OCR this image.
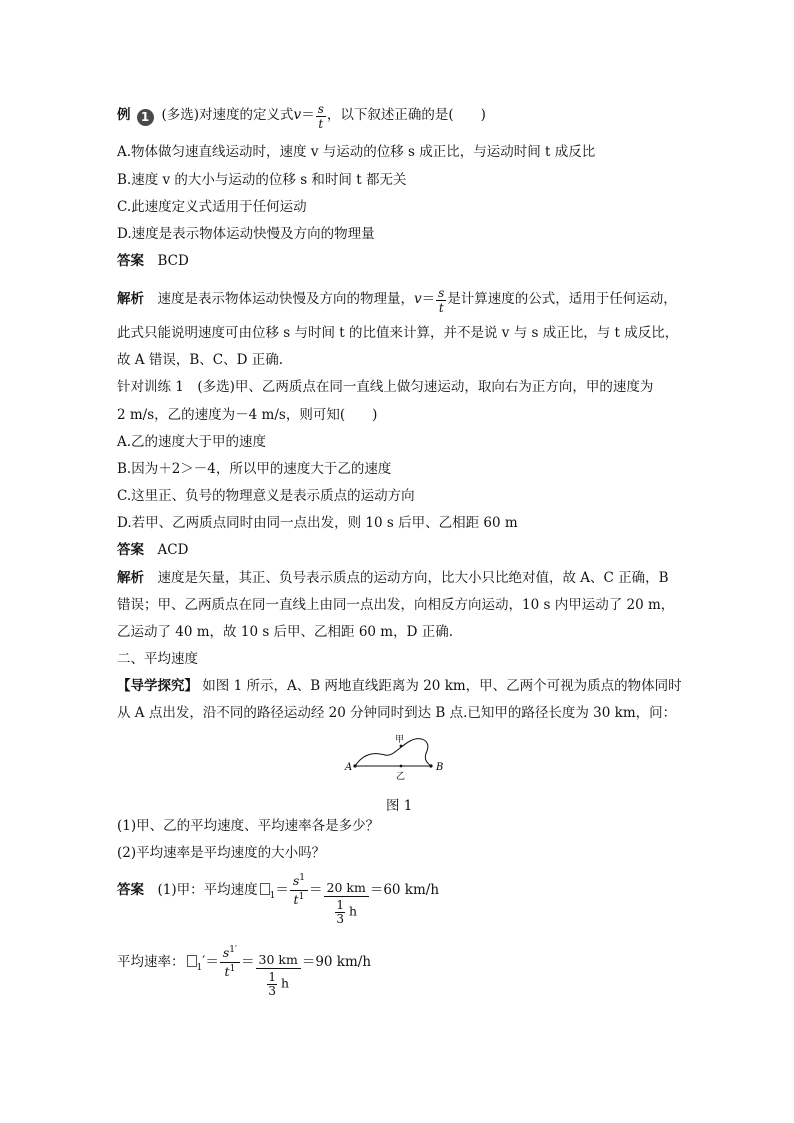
例 1 (多选)对速度的定义式$v= \frac{s}{t}$ ，以下叙述正确的是(　　)
A.物体做匀速直线运动时，速度 v 与运动的位移 s 成正比，与运动时间 t 成反比
B.速度 v 的大小与运动的位移 s 和时间 t 都无关
C.此速度定义式适用于任何运动
D.速度是表示物体运动快慢及方向的物理量
答案　 BCD
解析　 速度是表示物体运动快慢及方向的物理量，$v= \frac{s}{t}$ 是计算速度的公式，适用于任何运动，
此式只能说明速度可由位移 s 与时间 t 的比值来计算，并不是说 v 与 s 成正比，与 t 成反比，
故 A 错误，B、C、D 正确.
针对训练 1　(多选)甲、乙两质点在同一直线上做匀速运动，取向右为正方向，甲的速度为
2 m/s，乙的速度为－4 m/s，则可知(　　)
A.乙的速度大于甲的速度
B.因为＋2＞－4，所以甲的速度大于乙的速度
C.这里正、负号的物理意义是表示质点的运动方向
D.若甲、乙两质点同时由同一点出发，则 10 s 后甲、乙相距 60 m
答案　 ACD
解析　 速度是矢量，其正、负号表示质点的运动方向，比大小只比绝对值，故 A、C 正确，B
错误；甲、乙两质点在同一直线上由同一点出发，向相反方向运动，10 s 内甲运动了 20 m，
乙运动了 40 m，故 10 s 后甲、乙相距 60 m，D 正确.
二、平均速度
【导学探究】 如图 1 所示，A、B 两地直线距离为 20 km，甲、乙两个可视为质点的物体同时
从 A 点出发，沿不同的路径运动经 20 分钟同时到达 B 点.已知甲的路径长度为 30 km，问：
A	B
甲
乙
图 1
(1)甲、乙的平均速度、平均速率各是多少？
(2)平均速率是平均速度的大小吗？
答案　 (1)甲：平均速度 $_1= \frac{s^1}{t^1} = \frac{20 km}{\frac{1}{3} h} =60$ km/h
平均速率： $_1'= \frac{s^{1'}}{t^1} = \frac{30 km}{\frac{1}{3} h} =90$ km/h
